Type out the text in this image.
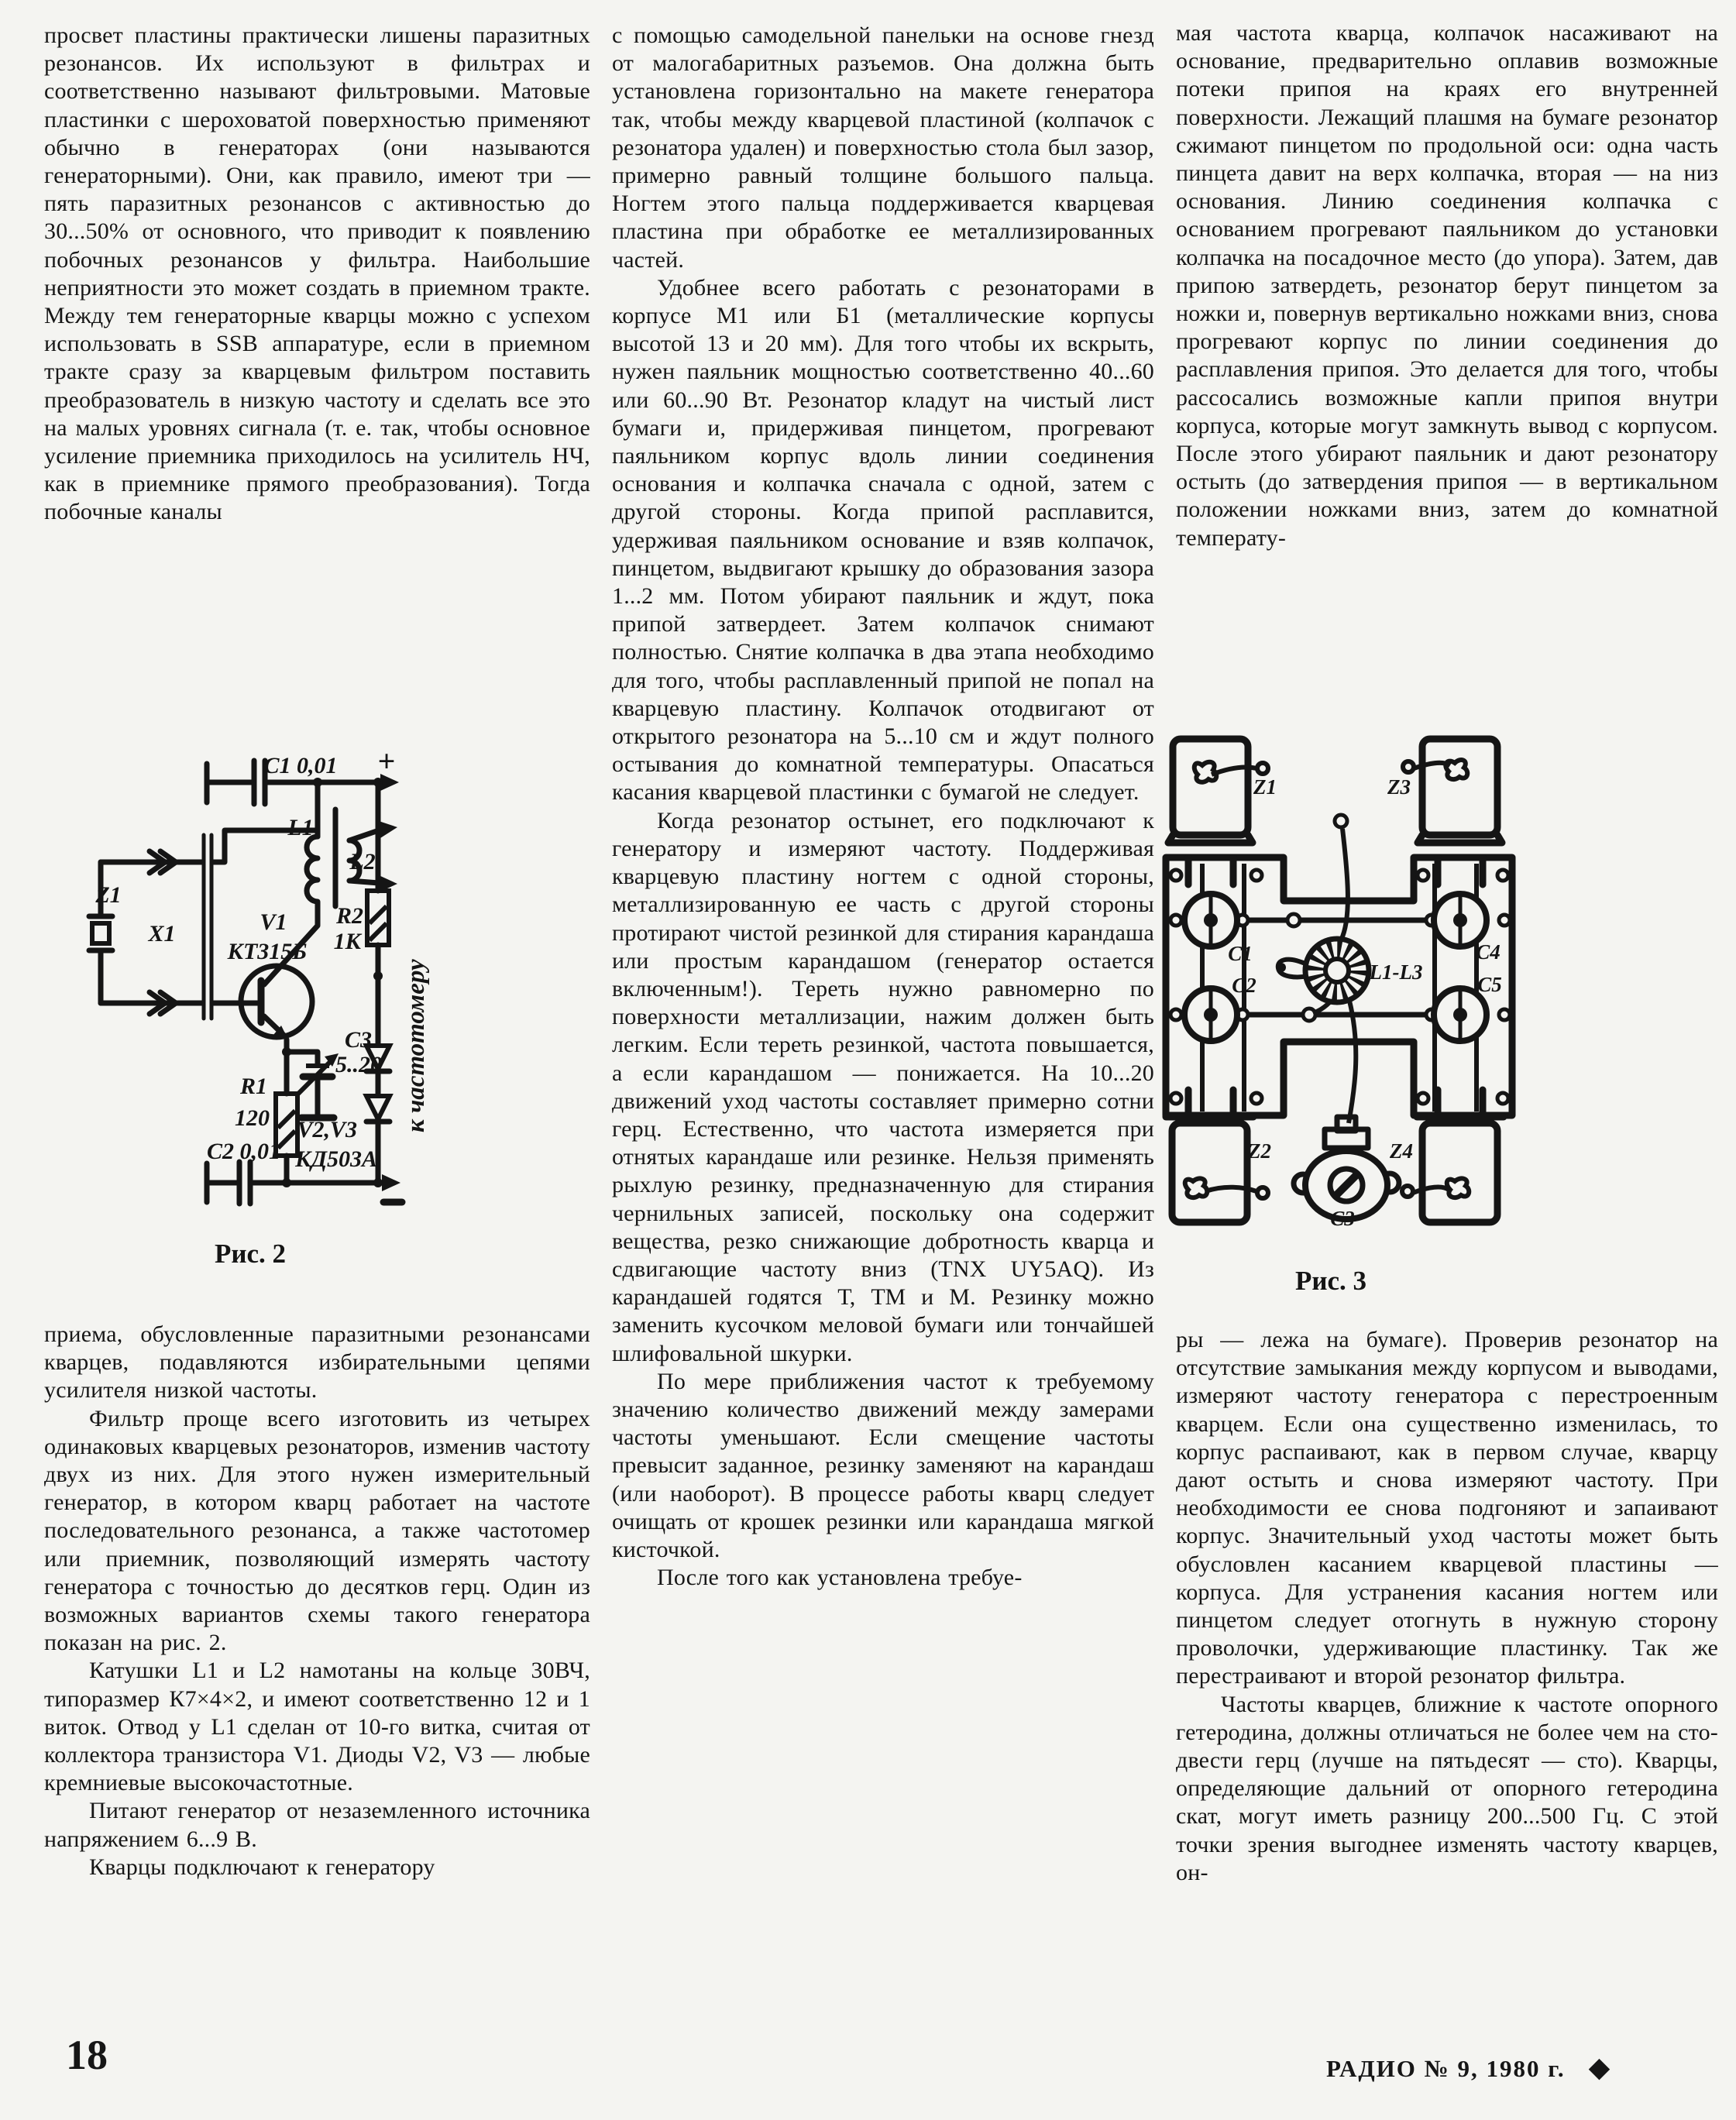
просвет пластины практически лишены паразитных резонансов. Их используют в фильтрах и соответственно называют фильтровыми. Матовые пластинки с шероховатой поверхностью применяют обычно в генераторах (они называются генераторными). Они, как правило, имеют три — пять паразитных резонансов с активностью до 30...50% от основного, что приводит к появлению побочных резонансов у фильтра. Наибольшие неприятности это может создать в приемном тракте. Между тем генераторные кварцы можно с успехом использовать в SSB аппаратуре, если в приемном тракте сразу за кварцевым фильтром поставить преобразователь в низкую частоту и сделать все это на малых уровнях сигнала (т. е. так, чтобы основное усиление приемника приходилось на усилитель НЧ, как в приемнике прямого преобразования). Тогда побочные каналы

C1 0,01 +
L1
L2
V1
КТ315Б
R2
1К
C3
5..20
R1
120
C2 0,01
V2,V3
КД503А
Z1
X1
к частотомеру
Рис. 2

приема, обусловленные паразитными резонансами кварцев, подавляются избирательными цепями усилителя низкой частоты.

Фильтр проще всего изготовить из четырех одинаковых кварцевых резонаторов, изменив частоту двух из них. Для этого нужен измерительный генератор, в котором кварц работает на частоте последовательного резонанса, а также частотомер или приемник, позволяющий измерять частоту генератора с точностью до десятков герц. Один из возможных вариантов схемы такого генератора показан на рис. 2.

Катушки L1 и L2 намотаны на кольце 30ВЧ, типоразмер К7×4×2, и имеют соответственно 12 и 1 виток. Отвод у L1 сделан от 10-го витка, считая от коллектора транзистора V1. Диоды V2, V3 — любые кремниевые высокочастотные.

Питают генератор от незаземленного источника напряжением 6...9 В.

Кварцы подключают к генератору

с помощью самодельной панельки на основе гнезд от малогабаритных разъемов. Она должна быть установлена горизонтально на макете генератора так, чтобы между кварцевой пластиной (колпачок с резонатора удален) и поверхностью стола был зазор, примерно равный толщине большого пальца. Ногтем этого пальца поддерживается кварцевая пластина при обработке ее металлизированных частей.

Удобнее всего работать с резонаторами в корпусе М1 или Б1 (металлические корпусы высотой 13 и 20 мм). Для того чтобы их вскрыть, нужен паяльник мощностью соответственно 40...60 или 60...90 Вт. Резонатор кладут на чистый лист бумаги и, придерживая пинцетом, прогревают паяльником корпус вдоль линии соединения основания и колпачка сначала с одной, затем с другой стороны. Когда припой расплавится, удерживая паяльником основание и взяв колпачок, пинцетом, выдвигают крышку до образования зазора 1...2 мм. Потом убирают паяльник и ждут, пока припой затвердеет. Затем колпачок снимают полностью. Снятие колпачка в два этапа необходимо для того, чтобы расплавленный припой не попал на кварцевую пластину. Колпачок отодвигают от открытого резонатора на 5...10 см и ждут полного остывания до комнатной температуры. Опасаться касания кварцевой пластинки с бумагой не следует.

Когда резонатор остынет, его подключают к генератору и измеряют частоту. Поддерживая кварцевую пластину ногтем с одной стороны, металлизированную ее часть с другой стороны протирают чистой резинкой для стирания карандаша или простым карандашом (генератор остается включенным!). Тереть нужно равномерно по поверхности металлизации, нажим должен быть легким. Если тереть резинкой, частота повышается, а если карандашом — понижается. На 10...20 движений уход частоты составляет примерно сотни герц. Естественно, что частота измеряется при отнятых карандаше или резинке. Нельзя применять рыхлую резинку, предназначенную для стирания чернильных записей, поскольку она содержит вещества, резко снижающие добротность кварца и сдвигающие частоту вниз (TNX UY5AQ). Из карандашей годятся Т, ТМ и М. Резинку можно заменить кусочком меловой бумаги или тончайшей шлифовальной шкурки.

По мере приближения частот к требуемому значению количество движений между замерами частоты уменьшают. Если смещение частоты превысит заданное, резинку заменяют на карандаш (или наоборот). В процессе работы кварц следует очищать от крошек резинки или карандаша мягкой кисточкой.

После того как установлена требуе-

мая частота кварца, колпачок насаживают на основание, предварительно оплавив возможные потеки припоя на краях его внутренней поверхности. Лежащий плашмя на бумаге резонатор сжимают пинцетом по продольной оси: одна часть пинцета давит на верх колпачка, вторая — на низ основания. Линию соединения колпачка с основанием прогревают паяльником до установки колпачка на посадочное место (до упора). Затем, дав припою затвердеть, резонатор берут пинцетом за ножки и, повернув вертикально ножками вниз, снова прогревают корпус по линии соединения до расплавления припоя. Это делается для того, чтобы рассосались возможные капли припоя внутри корпуса, которые могут замкнуть вывод с корпусом. После этого убирают паяльник и дают резонатору остыть (до затвердения припоя — в вертикальном положении ножками вниз, затем до комнатной температу-

Z1	Z3
C1
C2
C4
C5
L1-L3
C3
Z2	Z4
Рис. 3

ры — лежа на бумаге). Проверив резонатор на отсутствие замыкания между корпусом и выводами, измеряют частоту генератора с перестроенным кварцем. Если она существенно изменилась, то корпус распаивают, как в первом случае, кварцу дают остыть и снова измеряют частоту. При необходимости ее снова подгоняют и запаивают корпус. Значительный уход частоты может быть обусловлен касанием кварцевой пластины — корпуса. Для устранения касания ногтем или пинцетом следует отогнуть в нужную сторону проволочки, удерживающие пластинку. Так же перестраивают и второй резонатор фильтра.

Частоты кварцев, ближние к частоте опорного гетеродина, должны отличаться не более чем на сто-двести герц (лучше на пятьдесят — сто). Кварцы, определяющие дальний от опорного гетеродина скат, могут иметь разницу 200...500 Гц. С этой точки зрения выгоднее изменять частоту кварцев, он-

18	РАДИО № 9, 1980 г. ◆
